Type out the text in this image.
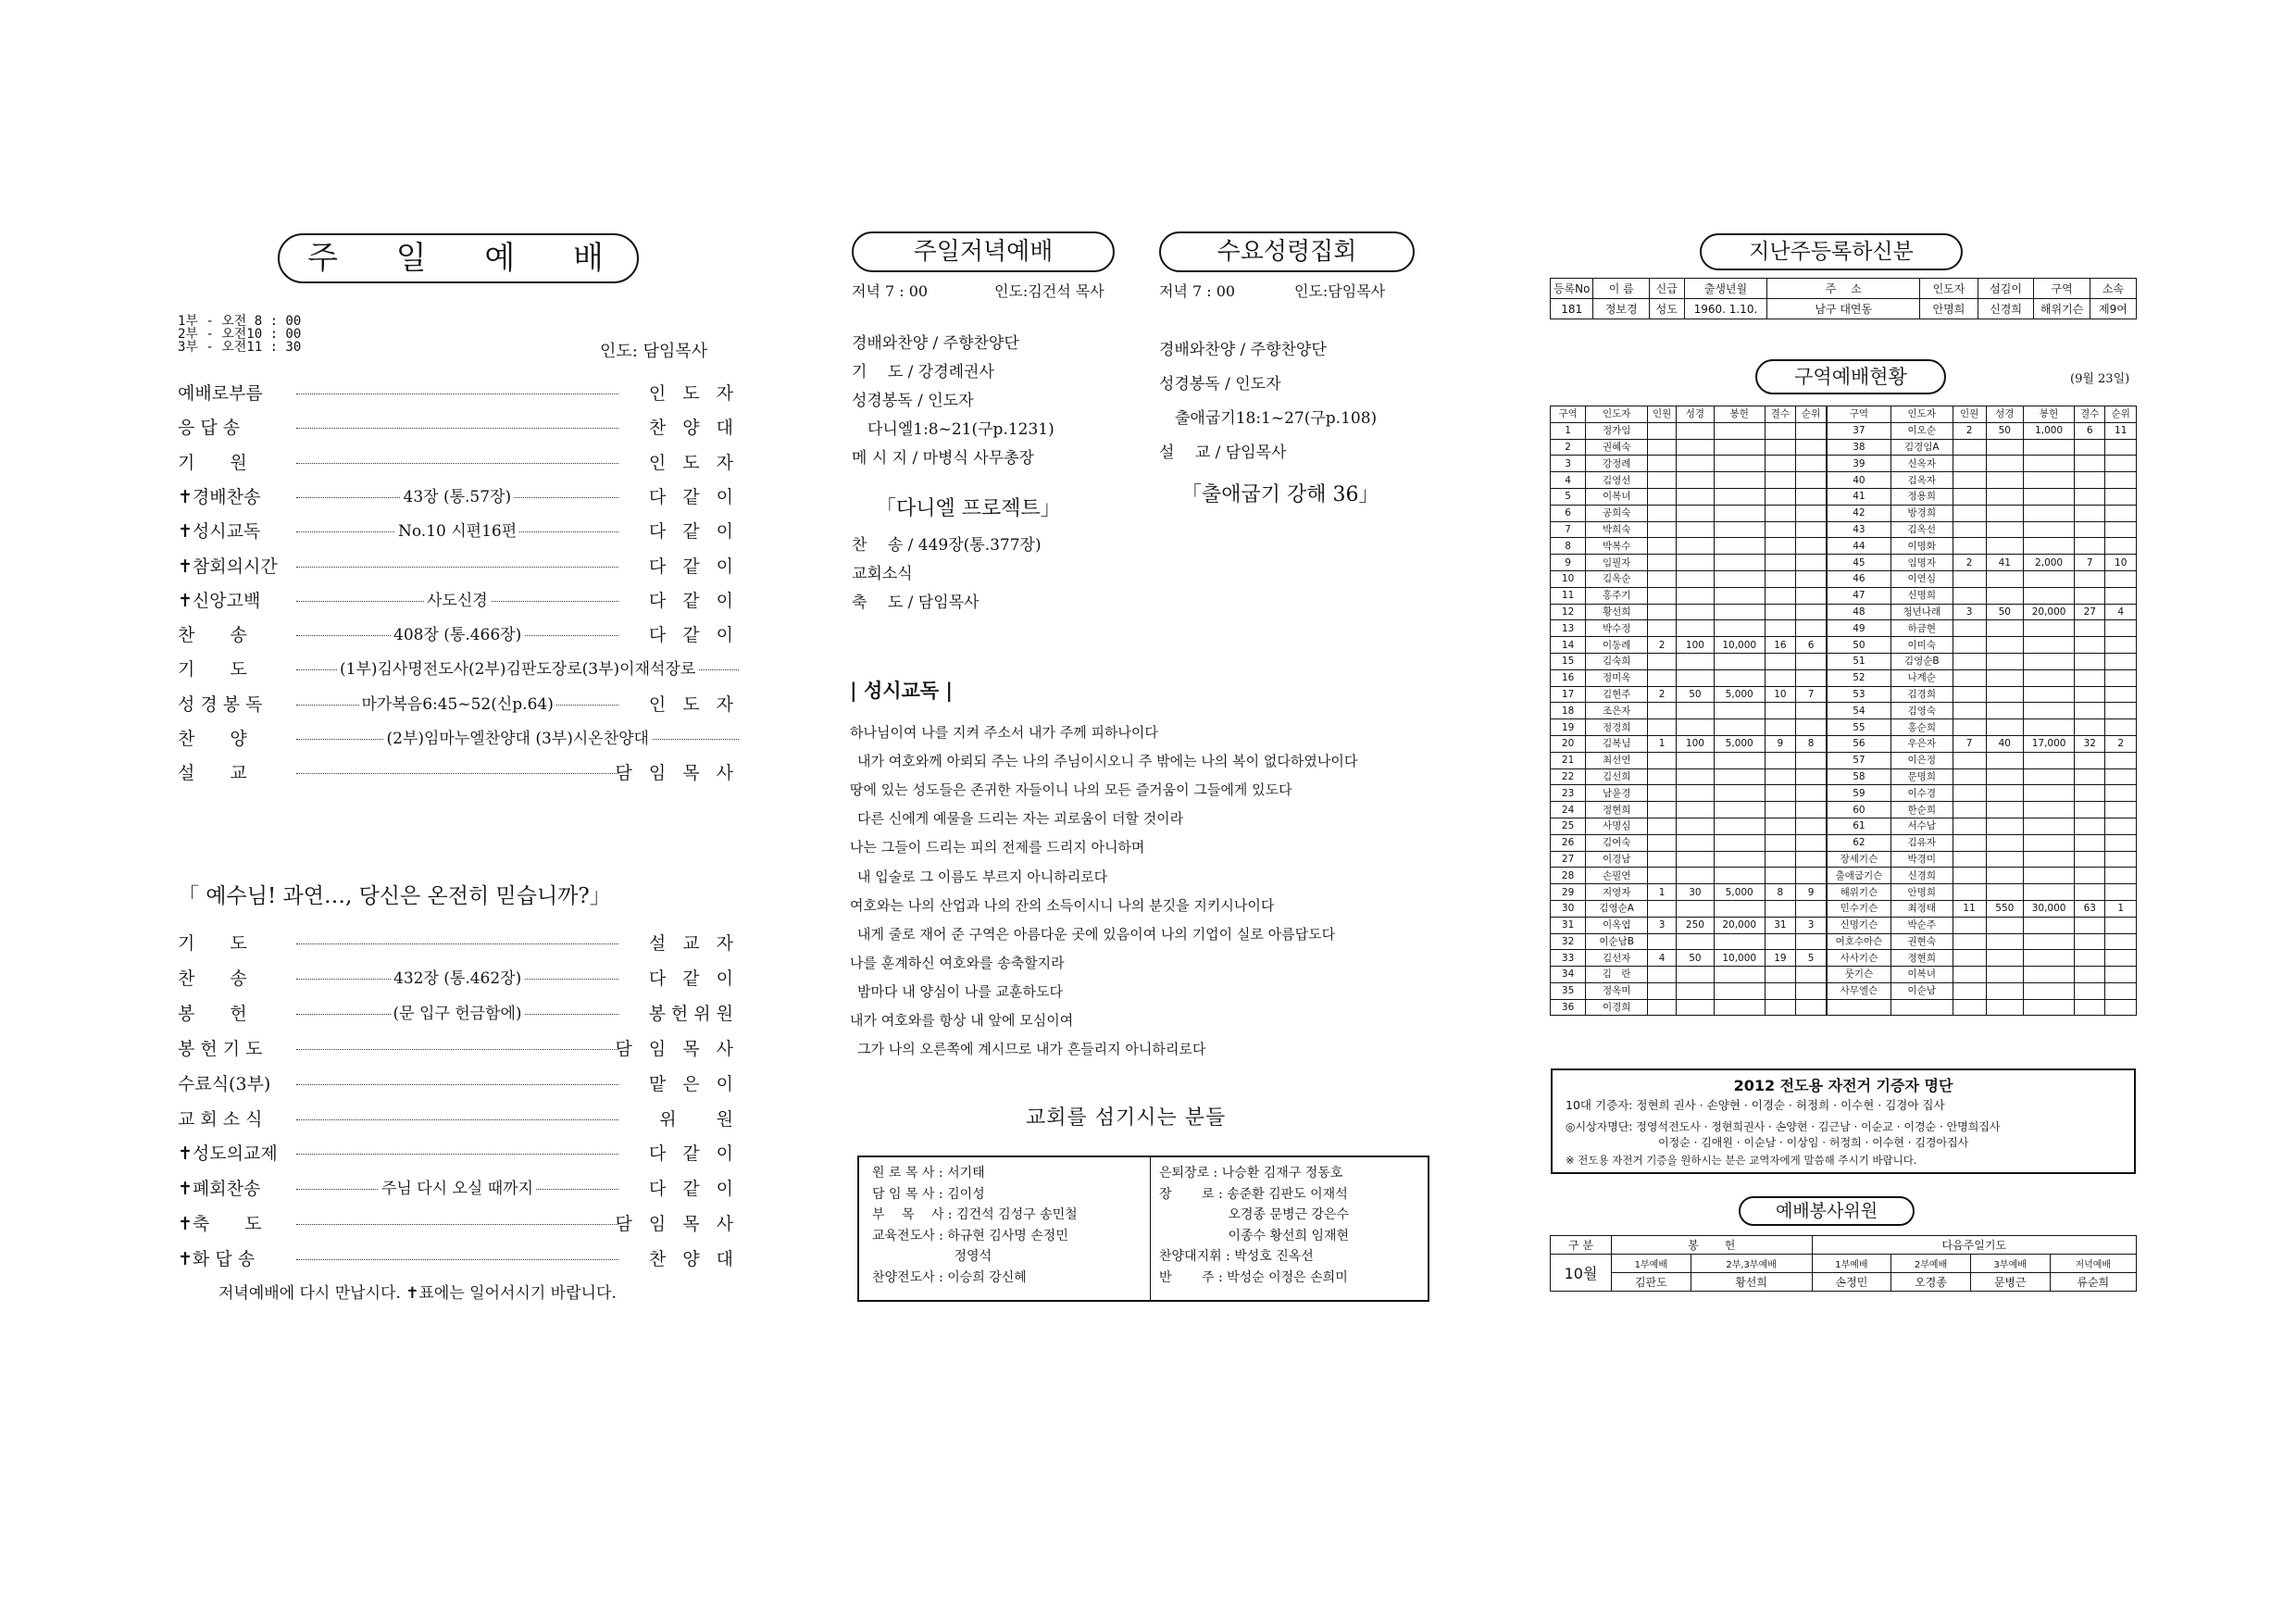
주 일 예 배
1부 - 오전 8 : 00
2부 - 오전10 : 00
3부 - 오전11 : 30	인도: 담임목사
예배로부름	인 도 자
응 답 송	찬 양 대
기　　원	인 도 자
✝경배찬송	43장 (통.57장)	다 같 이
✝성시교독	No.10 시편16편	다 같 이
✝참회의시간	다 같 이
✝신앙고백	사도신경	다 같 이
찬　　송	408장 (통.466장)	다 같 이
기　　도	(1부)김사명전도사(2부)김판도장로(3부)이재석장로
성 경 봉 독	마가복음6:45~52(신p.64)	인 도 자
찬　　양	(2부)임마누엘찬양대 (3부)시온찬양대
설　　교	담 임 목 사
「 예수님! 과연…, 당신은 온전히 믿습니까?」
기　　도	설 교 자
찬　　송	432장 (통.462장)	다 같 이
봉　　헌	(문 입구 헌금함에)	봉헌위원
봉 헌 기 도	담 임 목 사
수료식(3부)	맡 은 이
교 회 소 식	위　 원
✝성도의교제	다 같 이
✝폐회찬송	주님 다시 오실 때까지	다 같 이
✝축　　도	담 임 목 사
✝화 답 송	찬 양 대
저녁예배에 다시 만납시다. ✝표에는 일어서시기 바랍니다.
주일저녁예배	수요성령집회
저녁 7 : 00	인도:김건석 목사	저녁 7 : 00	인도:담임목사
경배와찬양 / 주향찬양단
기　 도 / 강경례권사
성경봉독 / 인도자
　다니엘1:8~21(구p.1231)
메 시 지 / 마병식 사무총장
「다니엘 프로젝트」
찬　 송 / 449장(통.377장)
교회소식
축　 도 / 담임목사
경배와찬양 / 주향찬양단
성경봉독 / 인도자
　출애굽기18:1~27(구p.108)
설　 교 / 담임목사
「출애굽기 강해 36」
| 성시교독 |
하나님이여 나를 지켜 주소서 내가 주께 피하나이다
내가 여호와께 아뢰되 주는 나의 주님이시오니 주 밖에는 나의 복이 없다하였나이다
땅에 있는 성도들은 존귀한 자들이니 나의 모든 즐거움이 그들에게 있도다
다른 신에게 예물을 드리는 자는 괴로움이 더할 것이라
나는 그들이 드리는 피의 전제를 드리지 아니하며
내 입술로 그 이름도 부르지 아니하리로다
여호와는 나의 산업과 나의 잔의 소득이시니 나의 분깃을 지키시나이다
내게 줄로 재어 준 구역은 아름다운 곳에 있음이여 나의 기업이 실로 아름답도다
나를 훈계하신 여호와를 송축할지라
밤마다 내 양심이 나를 교훈하도다
내가 여호와를 항상 내 앞에 모심이여
그가 나의 오른쪽에 계시므로 내가 흔들리지 아니하리로다
교회를 섬기시는 분들
원 로 목 사 : 서기태
담 임 목 사 : 김이성
부　 목　 사 : 김건석 김성구 송민철
교육전도사 : 하규현 김사명 손정민
　　　　　　 정영석
찬양전도사 : 이승희 강신혜
은퇴장로 : 나승환 김재구 정동호
장　　 로 : 송준환 김판도 이재석
　　　　　 오경종 문병근 강은수
　　　　　 이종수 황선희 임재현
찬양대지휘 : 박성호 진옥선
반　　 주 : 박성순 이정은 손희미
지난주등록하신분
등록No	이 름	신급	출생년월	주　 소	인도자	섬김이	구역	소속
181	정보경	성도	1960. 1.10.	남구 대연동	안명희	신경희	해위기슨	제9여
구역예배현황	(9월 23일)
구역	인도자	인원	성경	봉헌	결수	순위	구역	인도자	인원	성경	봉헌	결수	순위
1	정가임						37	이오순	2	50	1,000	6	11
2	권혜숙						38	김경임A					
3	강정례						39	신옥자					
4	김영선						40	김옥자					
5	이복녀						41	정용희					
6	공희숙						42	방경희					
7	박희숙						43	김옥선					
8	박복수						44	이명화					
9	임필자						45	임명자	2	41	2,000	7	10
10	김옥순						46	이연심					
11	홍주기						47	신명희					
12	황선희						48	청년나래	3	50	20,000	27	4
13	박수정						49	하금현					
14	이동례	2	100	10,000	16	6	50	이미숙					
15	김숙희						51	김영순B					
16	정미옥						52	나계순					
17	김현주	2	50	5,000	10	7	53	김경희					
18	조은자						54	김영숙					
19	정경희						55	홍순희					
20	김복님	1	100	5,000	9	8	56	우은자	7	40	17,000	32	2
21	최선연						57	이은정					
22	김선희						58	문명희					
23	남윤경						59	이수경					
24	정현희						60	한순희					
25	사명심						61	서수남					
26	김여숙						62	김유자					
27	이경남						장세기슨	박경미					
28	손필연						출애굽기슨	신경희					
29	지영자	1	30	5,000	8	9	해위기슨	안명희					
30	김영순A						민수기슨	최정태	11	550	30,000	63	1
31	이옥엽	3	250	20,000	31	3	신명기슨	박순주					
32	이순남B						여호수아슨	권현숙					
33	김선자	4	50	10,000	19	5	사사기슨	정현희					
34	김　란						룻기슨	이복녀					
35	정옥미						사무엘슨	이순남					
36	이경희												
2012 전도용 자전거 기증자 명단
10대 기증자: 정현희 권사 · 손양현 · 이경순 · 허정희 · 이수현 · 김경아 집사
◎시상자명단: 정영석전도사 · 정현희권사 · 손양현 · 김근남 · 이순교 · 이경순 · 안명희집사
이정순 · 김애원 · 이순남 · 이상임 · 허정희 · 이수현 · 김경아집사
※ 전도용 자전거 기증을 원하시는 분은 교역자에게 말씀해 주시기 바랍니다.
예배봉사위원
구 분	봉　　 헌		다음주일기도			
10월	1부예배	2부,3부예배	1부예배	2부예배	3부예배	저녁예배
	김판도	황선희	손정민	오경종	문병근	류순희
